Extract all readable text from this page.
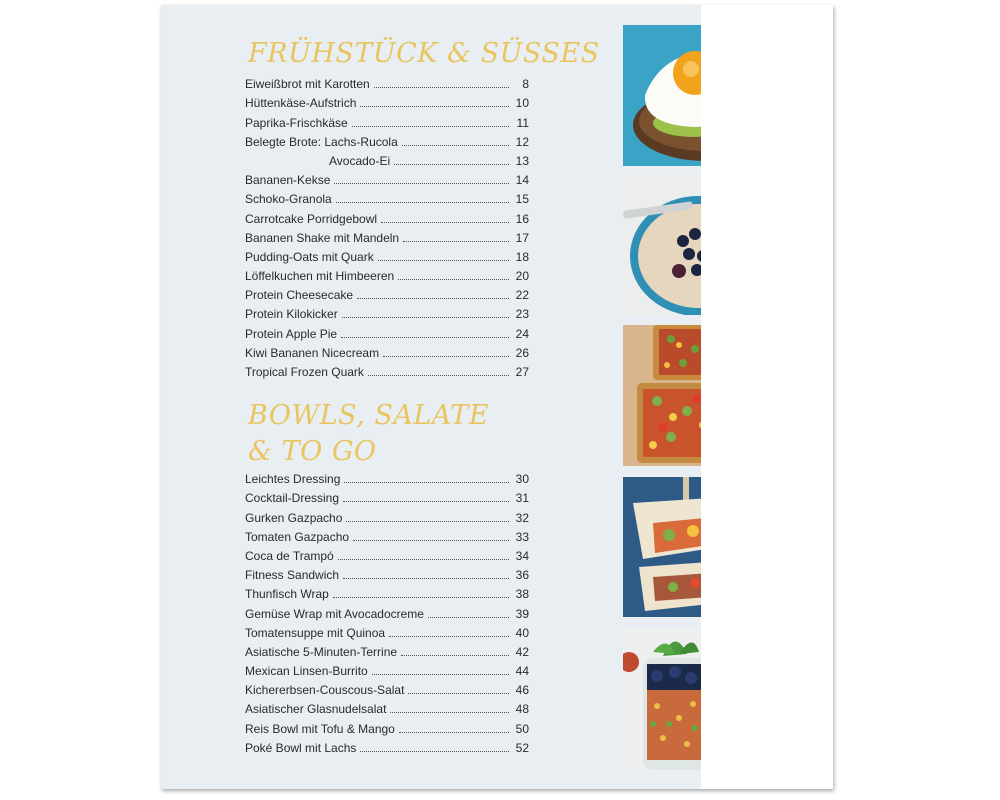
FRÜHSTÜCK & SÜSSES
Eiweißbrot mit Karotten	8
Hüttenkäse-Aufstrich	10
Paprika-Frischkäse	11
Belegte Brote: Lachs-Rucola	12
Avocado-Ei	13
Bananen-Kekse	14
Schoko-Granola	15
Carrotcake Porridgebowl	16
Bananen Shake mit Mandeln	17
Pudding-Oats mit Quark	18
Löffelkuchen mit Himbeeren	20
Protein Cheesecake	22
Protein Kilokicker	23
Protein Apple Pie	24
Kiwi Bananen Nicecream	26
Tropical Frozen Quark	27
BOWLS, SALATE
& TO GO
Leichtes Dressing	30
Cocktail-Dressing	31
Gurken Gazpacho	32
Tomaten Gazpacho	33
Coca de Trampó	34
Fitness Sandwich	36
Thunfisch Wrap	38
Gemüse Wrap mit Avocadocreme	39
Tomatensuppe mit Quinoa	40
Asiatische 5-Minuten-Terrine	42
Mexican Linsen-Burrito	44
Kichererbsen-Couscous-Salat	46
Asiatischer Glasnudelsalat	48
Reis Bowl mit Tofu & Mango	50
Poké Bowl mit Lachs	52
